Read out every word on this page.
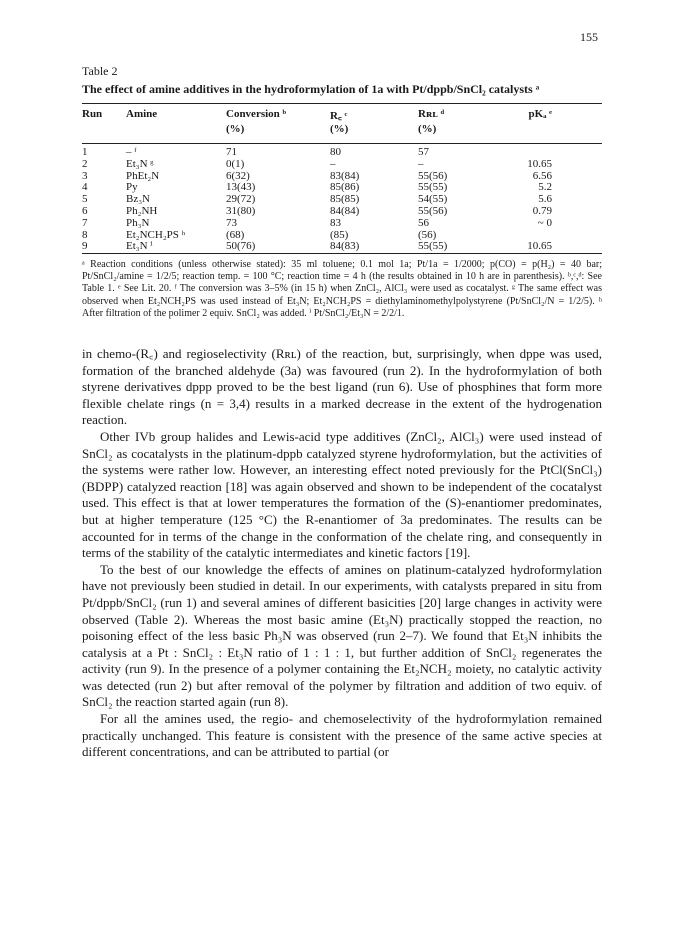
155
Table 2
The effect of amine additives in the hydroformylation of 1a with Pt/dppb/SnCl₂ catalysts ᵃ
Run Amine	Conversion ᵇ	R꜀ ᶜ	Rʀʟ ᵈ	pKₐ ᵉ
(%)	(%)	(%)
1	– ᶠ	71	80	57
2	Et₃N ᵍ	0(1)	–	–	10.65
3	PhEt₂N	6(32)	83(84)	55(56)	6.56
4	Py	13(43)	85(86)	55(55)	5.2
5	Bz₃N	29(72)	85(85)	54(55)	5.6
6	Ph₂NH	31(80)	84(84)	55(56)	0.79
7	Ph₃N	73	83	56	~ 0
8	Et₂NCH₂PS ʰ	(68)	(85)	(56)
9	Et₃N ⁱ	50(76)	84(83)	55(55)	10.65
ᵃ Reaction conditions (unless otherwise stated): 35 ml toluene; 0.1 mol 1a; Pt/1a = 1/2000; p(CO) = p(H₂) = 40 bar; Pt/SnCl₂/amine = 1/2/5; reaction temp. = 100 °C; reaction time = 4 h (the results obtained in 10 h are in parenthesis). ᵇ,ᶜ,ᵈ: See Table 1. ᵉ See Lit. 20. ᶠ The conversion was 3–5% (in 15 h) when ZnCl₂, AlCl₃ were used as cocatalyst. ᵍ The same effect was observed when Et₂NCH₂PS was used instead of Et₃N; Et₂NCH₂PS = diethylaminomethylpolystyrene (Pt/SnCl₂/N = 1/2/5). ʰ After filtration of the polimer 2 equiv. SnCl₂ was added. ⁱ Pt/SnCl₂/Et₃N = 2/2/1.

in chemo-(R꜀) and regioselectivity (Rʀʟ) of the reaction, but, surprisingly, when dppe was used, formation of the branched aldehyde (3a) was favoured (run 2). In the hydroformylation of both styrene derivatives dppp proved to be the best ligand (run 6). Use of phosphines that form more flexible chelate rings (n = 3,4) results in a marked decrease in the extent of the hydrogenation reaction.

Other IVb group halides and Lewis-acid type additives (ZnCl₂, AlCl₃) were used instead of SnCl₂ as cocatalysts in the platinum-dppb catalyzed styrene hydroformylation, but the activities of the systems were rather low. However, an interesting effect noted previously for the PtCl(SnCl₃)(BDPP) catalyzed reaction [18] was again observed and shown to be independent of the cocatalyst used. This effect is that at lower temperatures the formation of the (S)-enantiomer predominates, but at higher temperature (125 °C) the R-enantiomer of 3a predominates. The results can be accounted for in terms of the change in the conformation of the chelate ring, and consequently in terms of the stability of the catalytic intermediates and kinetic factors [19].

To the best of our knowledge the effects of amines on platinum-catalyzed hydroformylation have not previously been studied in detail. In our experiments, with catalysts prepared in situ from Pt/dppb/SnCl₂ (run 1) and several amines of different basicities [20] large changes in activity were observed (Table 2). Whereas the most basic amine (Et₃N) practically stopped the reaction, no poisoning effect of the less basic Ph₃N was observed (run 2–7). We found that Et₃N inhibits the catalysis at a Pt : SnCl₂ : Et₃N ratio of 1 : 1 : 1, but further addition of SnCl₂ regenerates the activity (run 9). In the presence of a polymer containing the Et₂NCH₂ moiety, no catalytic activity was detected (run 2) but after removal of the polymer by filtration and addition of two equiv. of SnCl₂ the reaction started again (run 8).

For all the amines used, the regio- and chemoselectivity of the hydroformylation remained practically unchanged. This feature is consistent with the presence of the same active species at different concentrations, and can be attributed to partial (or
